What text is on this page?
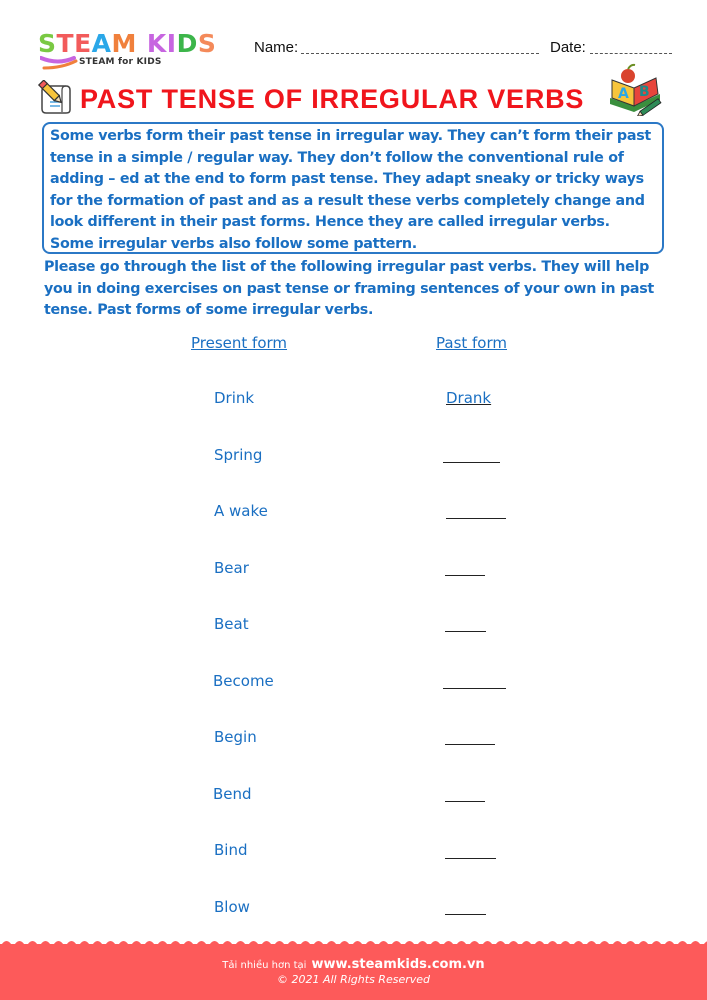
STEAM KIDS
STEAM for KIDS
Name:	Date:
PAST TENSE OF IRREGULAR VERBS A B

Some verbs form their past tense in irregular way. They can’t form their past tense in a simple / regular way. They don’t follow the conventional rule of adding – ed at the end to form past tense. They adapt sneaky or tricky ways for the formation of past and as a result these verbs completely change and look different in their past forms. Hence they are called irregular verbs. Some irregular verbs also follow some pattern.

Please go through the list of the following irregular past verbs. They will help you in doing exercises on past tense or framing sentences of your own in past tense. Past forms of some irregular verbs.
Present form	Past form
Drink	Drank
Spring
A wake
Bear
Beat
Become
Begin
Bend
Bind
Blow
Tải nhiều hơn tại www.steamkids.com.vn
© 2021 All Rights Reserved
